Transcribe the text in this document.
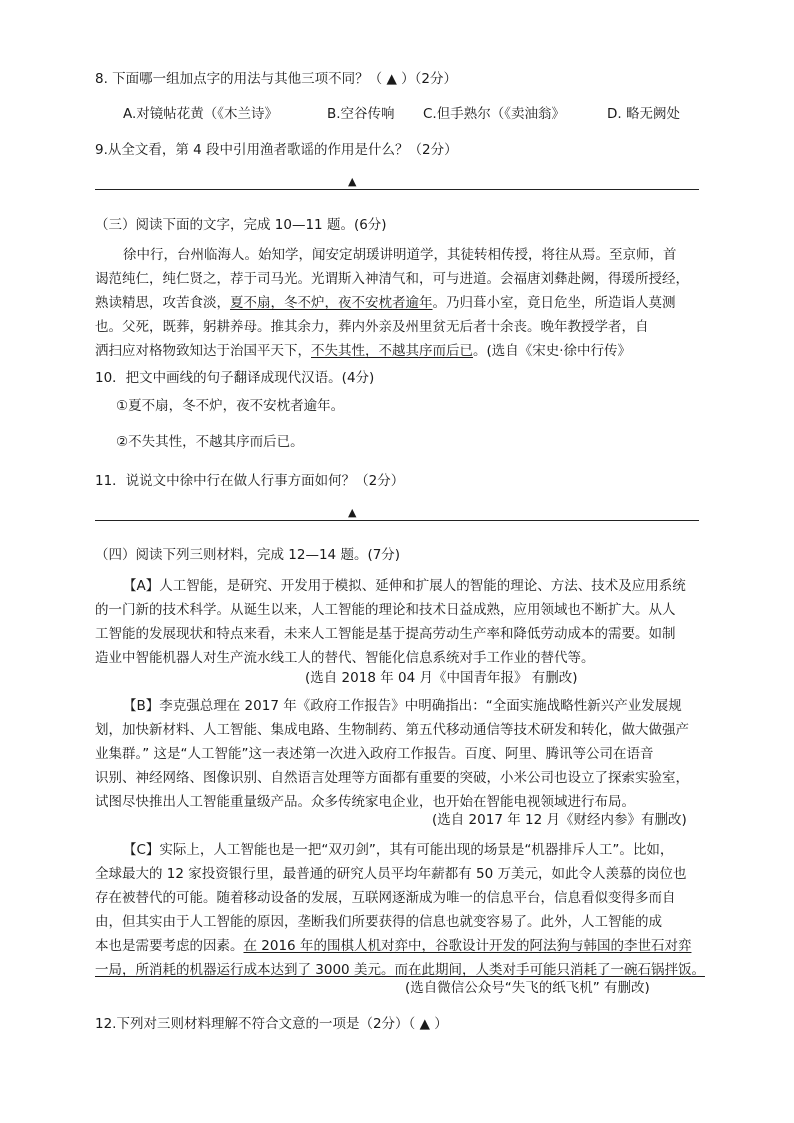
8. 下面哪一组加点字的用法与其他三项不同？（ ▲ ）（2分）
A.对镜帖花黄（《木兰诗》	B.空谷传响 C.但手熟尔（《卖油翁》	D. 略无阙处
9.从全文看，第 4 段中引用渔者歌谣的作用是什么？（2分）
▲
（三）阅读下面的文字，完成 10—11 题。(6分)
徐中行，台州临海人。始知学，闻安定胡瑗讲明道学，其徒转相传授，将往从焉。至京师，首
谒范纯仁，纯仁贤之，荐于司马光。光谓斯入神清气和，可与进道。会福唐刘彝赴阙，得瑗所授经，
熟读精思，攻苦食淡，夏不扇，冬不炉，夜不安枕者逾年。乃归葺小室，竟日危坐，所造诣人莫测
也。父死，既葬，躬耕养母。推其余力，葬内外亲及州里贫无后者十余丧。晚年教授学者，自
洒扫应对格物致知达于治国平天下，不失其性，不越其序而后已。(选自《宋史·徐中行传》
10．把文中画线的句子翻译成现代汉语。(4分)
①夏不扇，冬不炉，夜不安枕者逾年。
②不失其性，不越其序而后已。
11．说说文中徐中行在做人行事方面如何？（2分）
▲
（四）阅读下列三则材料，完成 12—14 题。(7分)
【A】人工智能，是研究、开发用于模拟、延伸和扩展人的智能的理论、方法、技术及应用系统
的一门新的技术科学。从诞生以来，人工智能的理论和技术日益成熟，应用领域也不断扩大。从人
工智能的发展现状和特点来看，未来人工智能是基于提高劳动生产率和降低劳动成本的需要。如制
造业中智能机器人对生产流水线工人的替代、智能化信息系统对手工作业的替代等。
(选自 2018 年 04 月《中国青年报》 有删改)
【B】李克强总理在 2017 年《政府工作报告》中明确指出：“全面实施战略性新兴产业发展规
划，加快新材料、人工智能、集成电路、生物制药、第五代移动通信等技术研发和转化，做大做强产
业集群。” 这是“人工智能”这一表述第一次进入政府工作报告。百度、阿里、腾讯等公司在语音
识别、神经网络、图像识别、自然语言处理等方面都有重要的突破，小米公司也设立了探索实验室，
试图尽快推出人工智能重量级产品。众多传统家电企业，也开始在智能电视领域进行布局。
(选自 2017 年 12 月《财经内参》有删改)
【C】实际上，人工智能也是一把“双刃剑”，其有可能出现的场景是“机器排斥人工”。比如，
全球最大的 12 家投资银行里，最普通的研究人员平均年薪都有 50 万美元，如此令人羡慕的岗位也
存在被替代的可能。随着移动设备的发展，互联网逐渐成为唯一的信息平台，信息看似变得多而自
由，但其实由于人工智能的原因，垄断我们所要获得的信息也就变容易了。此外，人工智能的成
本也是需要考虑的因素。在 2016 年的围棋人机对弈中，谷歌设计开发的阿法狗与韩国的李世石对弈
一局，所消耗的机器运行成本达到了 3000 美元。而在此期间，人类对手可能只消耗了一碗石锅拌饭。
(选自微信公众号“失飞的纸飞机” 有删改)
12.下列对三则材料理解不符合文意的一项是（2分）（ ▲ ）
